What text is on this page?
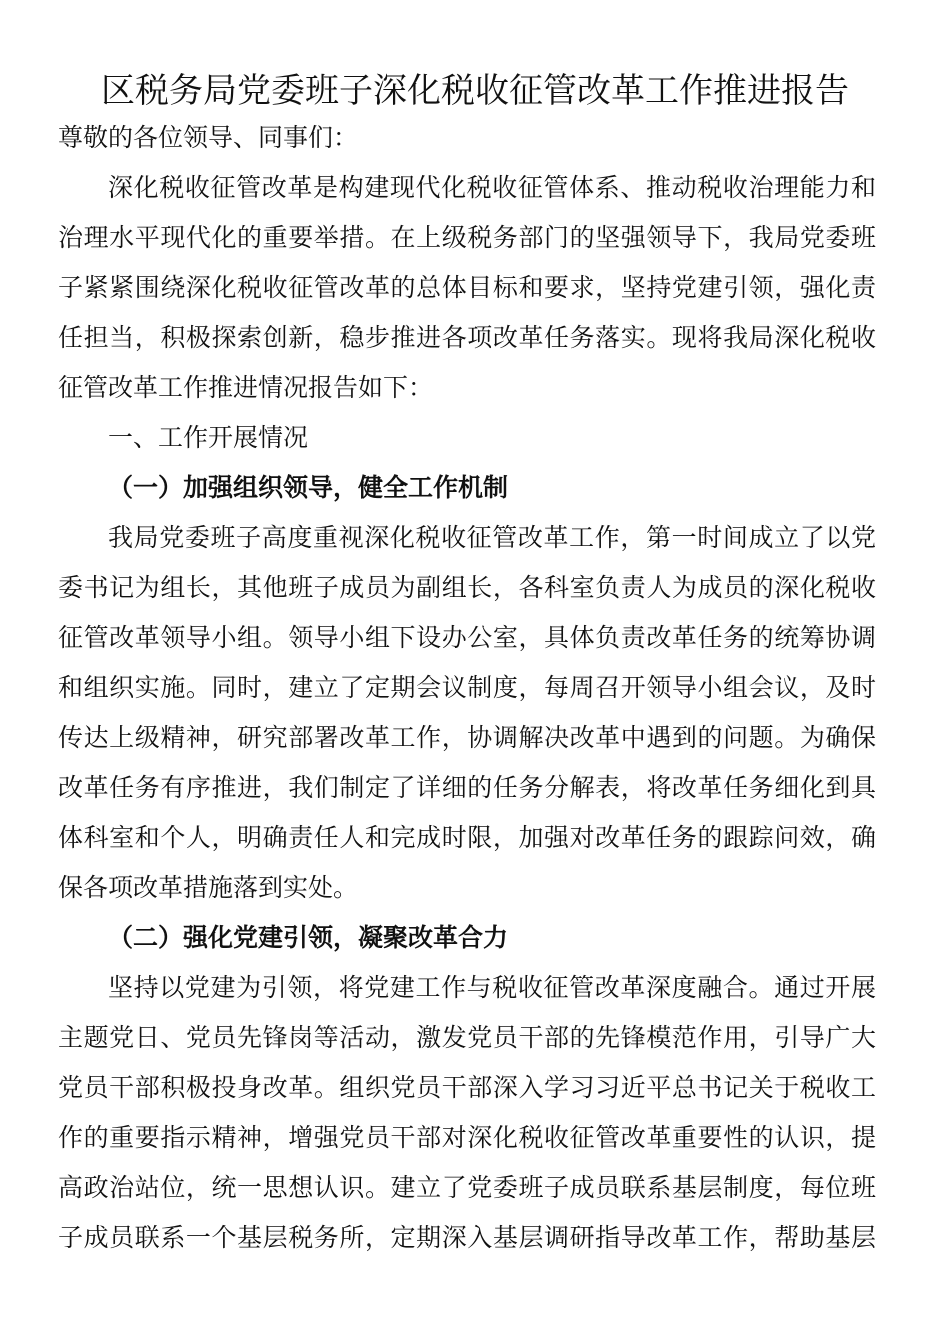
区税务局党委班子深化税收征管改革工作推进报告

尊敬的各位领导、同事们：

深化税收征管改革是构建现代化税收征管体系、推动税收治理能力和

治理水平现代化的重要举措。在上级税务部门的坚强领导下，我局党委班

子紧紧围绕深化税收征管改革的总体目标和要求，坚持党建引领，强化责

任担当，积极探索创新，稳步推进各项改革任务落实。现将我局深化税收

征管改革工作推进情况报告如下：

一、工作开展情况

（一）加强组织领导，健全工作机制

我局党委班子高度重视深化税收征管改革工作，第一时间成立了以党

委书记为组长，其他班子成员为副组长，各科室负责人为成员的深化税收

征管改革领导小组。领导小组下设办公室，具体负责改革任务的统筹协调

和组织实施。同时，建立了定期会议制度，每周召开领导小组会议，及时

传达上级精神，研究部署改革工作，协调解决改革中遇到的问题。为确保

改革任务有序推进，我们制定了详细的任务分解表，将改革任务细化到具

体科室和个人，明确责任人和完成时限，加强对改革任务的跟踪问效，确

保各项改革措施落到实处。

（二）强化党建引领，凝聚改革合力

坚持以党建为引领，将党建工作与税收征管改革深度融合。通过开展

主题党日、党员先锋岗等活动，激发党员干部的先锋模范作用，引导广大

党员干部积极投身改革。组织党员干部深入学习习近平总书记关于税收工

作的重要指示精神，增强党员干部对深化税收征管改革重要性的认识，提

高政治站位，统一思想认识。建立了党委班子成员联系基层制度，每位班

子成员联系一个基层税务所，定期深入基层调研指导改革工作，帮助基层
